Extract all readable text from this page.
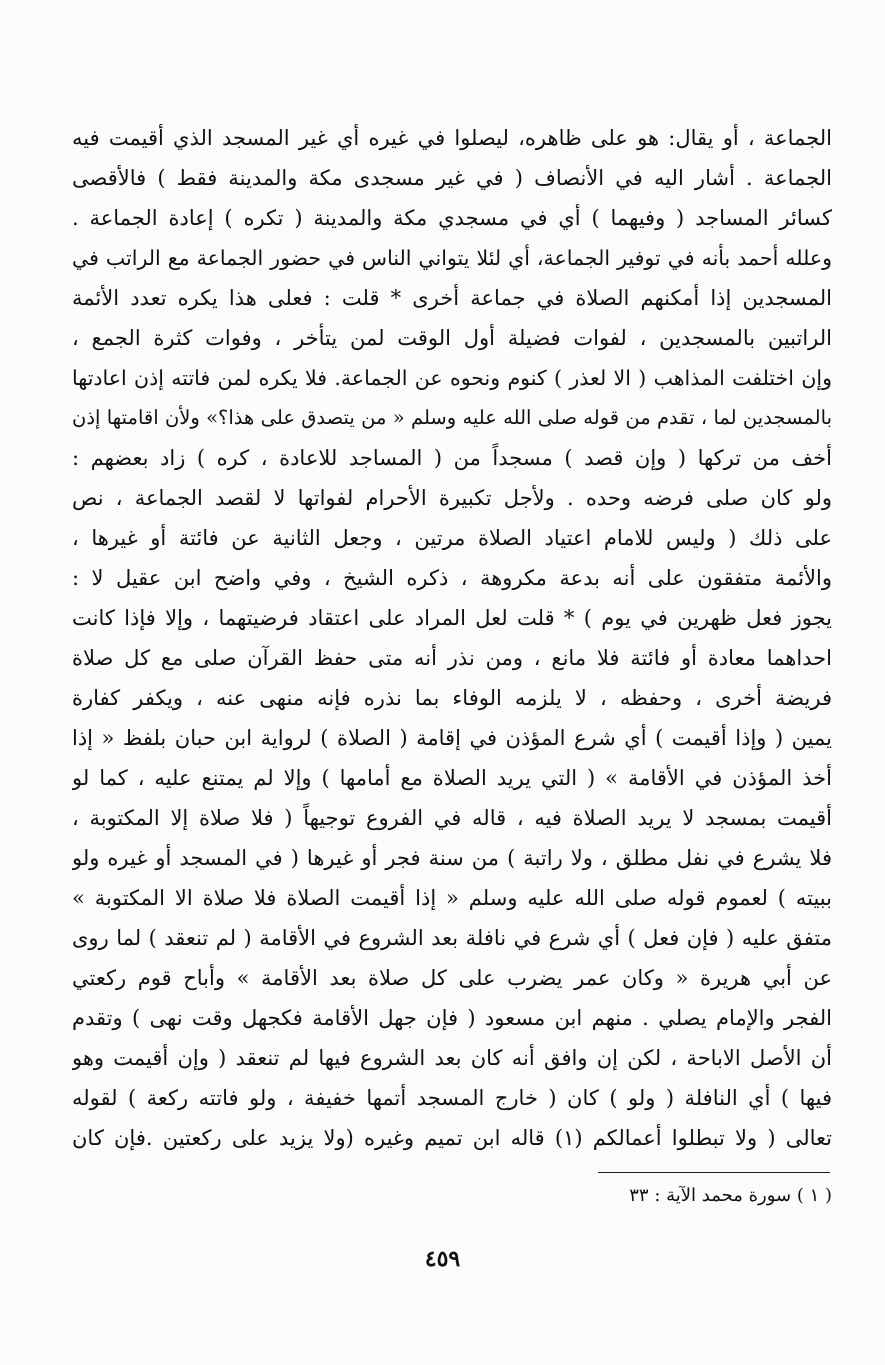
الجماعة ، أو يقال: هو على ظاهره، ليصلوا في غيره أي غير المسجد الذي أقيمت فيه
الجماعة . أشار اليه في الأنصاف ( في غير مسجدى مكة والمدينة فقط ) فالأقصى
كسائر المساجد ( وفيهما ) أي في مسجدي مكة والمدينة ( تكره ) إعادة الجماعة .
وعلله أحمد بأنه في توفير الجماعة، أي لئلا يتواني الناس في حضور الجماعة مع الراتب في
المسجدين إذا أمكنهم الصلاة في جماعة أخرى * قلت : فعلى هذا يكره تعدد الأئمة
الراتبين بالمسجدين ، لفوات فضيلة أول الوقت لمن يتأخر ، وفوات كثرة الجمع ،
وإن اختلفت المذاهب ( الا لعذر ) كنوم ونحوه عن الجماعة. فلا يكره لمن فاتته إذن اعادتها
بالمسجدين لما ، تقدم من قوله صلى الله عليه وسلم « من يتصدق على هذا؟» ولأن اقامتها إذن
أخف من تركها ( وإن قصد ) مسجداً من ( المساجد للاعادة ، كره ) زاد بعضهم :
ولو كان صلى فرضه وحده . ولأجل تكبيرة الأحرام لفواتها لا لقصد الجماعة ، نص
على ذلك ( وليس للامام اعتياد الصلاة مرتين ، وجعل الثانية عن فائتة أو غيرها ،
والأئمة متفقون على أنه بدعة مكروهة ، ذكره الشيخ ، وفي واضح ابن عقيل لا :
يجوز فعل ظهرين في يوم ) * قلت لعل المراد على اعتقاد فرضيتهما ، وإلا فإذا كانت
احداهما معادة أو فائتة فلا مانع ، ومن نذر أنه متى حفظ القرآن صلى مع كل صلاة
فريضة أخرى ، وحفظه ، لا يلزمه الوفاء بما نذره فإنه منهى عنه ، ويكفر كفارة
يمين ( وإذا أقيمت ) أي شرع المؤذن في إقامة ( الصلاة ) لرواية ابن حبان بلفظ « إذا
أخذ المؤذن في الأقامة » ( التي يريد الصلاة مع أمامها ) وإلا لم يمتنع عليه ، كما لو
أقيمت بمسجد لا يريد الصلاة فيه ، قاله في الفروع توجيهاً ( فلا صلاة إلا المكتوبة ،
فلا يشرع في نفل مطلق ، ولا راتبة ) من سنة فجر أو غيرها ( في المسجد أو غيره ولو
ببيته ) لعموم قوله صلى الله عليه وسلم « إذا أقيمت الصلاة فلا صلاة الا المكتوبة »
متفق عليه ( فإن فعل ) أي شرع في نافلة بعد الشروع في الأقامة ( لم تنعقد ) لما روى
عن أبي هريرة « وكان عمر يضرب على كل صلاة بعد الأقامة » وأباح قوم ركعتي
الفجر والإمام يصلي . منهم ابن مسعود ( فإن جهل الأقامة فكجهل وقت نهى ) وتقدم
أن الأصل الاباحة ، لكن إن وافق أنه كان بعد الشروع فيها لم تنعقد ( وإن أقيمت وهو
فيها ) أي النافلة ( ولو ) كان ( خارج المسجد أتمها خفيفة ، ولو فاتته ركعة ) لقوله
تعالى ( ولا تبطلوا أعمالكم (١) قاله ابن تميم وغيره (ولا يزيد على ركعتين .فإن كان
( ١ ) سورة محمد الآية : ٣٣
٤٥٩
